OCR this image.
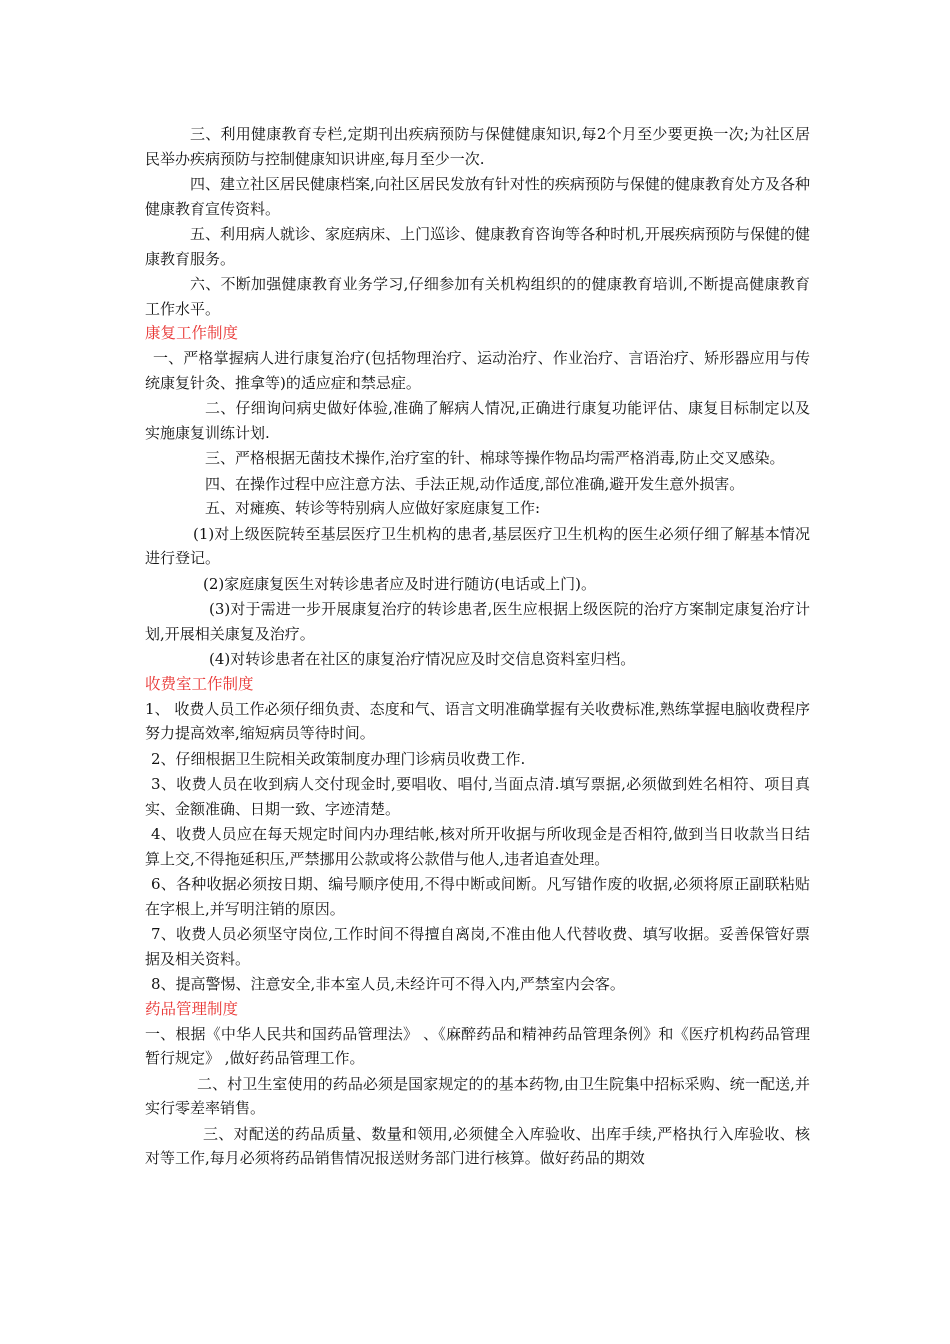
三、利用健康教育专栏,定期刊出疾病预防与保健健康知识,每2个月至少要更换一次;为社区居民举办疾病预防与控制健康知识讲座,每月至少一次.

四、建立社区居民健康档案,向社区居民发放有针对性的疾病预防与保健的健康教育处方及各种健康教育宣传资料。

五、利用病人就诊、家庭病床、上门巡诊、健康教育咨询等各种时机,开展疾病预防与保健的健康教育服务。

六、不断加强健康教育业务学习,仔细参加有关机构组织的的健康教育培训,不断提高健康教育工作水平。

康复工作制度

一、严格掌握病人进行康复治疗(包括物理治疗、运动治疗、作业治疗、言语治疗、矫形器应用与传统康复针灸、推拿等)的适应症和禁忌症。

二、仔细询问病史做好体验,准确了解病人情况,正确进行康复功能评估、康复目标制定以及实施康复训练计划.

三、严格根据无菌技术操作,治疗室的针、棉球等操作物品均需严格消毒,防止交叉感染。

四、在操作过程中应注意方法、手法正规,动作适度,部位准确,避开发生意外损害。

五、对瘫痪、转诊等特别病人应做好家庭康复工作:

(1)对上级医院转至基层医疗卫生机构的患者,基层医疗卫生机构的医生必须仔细了解基本情况进行登记。

(2)家庭康复医生对转诊患者应及时进行随访(电话或上门)。

(3)对于需进一步开展康复治疗的转诊患者,医生应根据上级医院的治疗方案制定康复治疗计划,开展相关康复及治疗。

(4)对转诊患者在社区的康复治疗情况应及时交信息资料室归档。

收费室工作制度

1、 收费人员工作必须仔细负责、态度和气、语言文明准确掌握有关收费标准,熟练掌握电脑收费程序努力提高效率,缩短病员等待时间。

2、仔细根据卫生院相关政策制度办理门诊病员收费工作.

3、收费人员在收到病人交付现金时,要唱收、唱付,当面点清.填写票据,必须做到姓名相符、项目真实、金额准确、日期一致、字迹清楚。

4、收费人员应在每天规定时间内办理结帐,核对所开收据与所收现金是否相符,做到当日收款当日结算上交,不得拖延积压,严禁挪用公款或将公款借与他人,违者追查处理。

6、各种收据必须按日期、编号顺序使用,不得中断或间断。凡写错作废的收据,必须将原正副联粘贴在字根上,并写明注销的原因。

7、收费人员必须坚守岗位,工作时间不得擅自离岗,不准由他人代替收费、填写收据。妥善保管好票据及相关资料。

8、提高警惕、注意安全,非本室人员,未经许可不得入内,严禁室内会客。

药品管理制度

一、根据《中华人民共和国药品管理法》 、《麻醉药品和精神药品管理条例》和《医疗机构药品管理暂行规定》 ,做好药品管理工作。

二、村卫生室使用的药品必须是国家规定的的基本药物,由卫生院集中招标采购、统一配送,并实行零差率销售。

三、对配送的药品质量、数量和领用,必须健全入库验收、出库手续,严格执行入库验收、核对等工作,每月必须将药品销售情况报送财务部门进行核算。做好药品的期效
